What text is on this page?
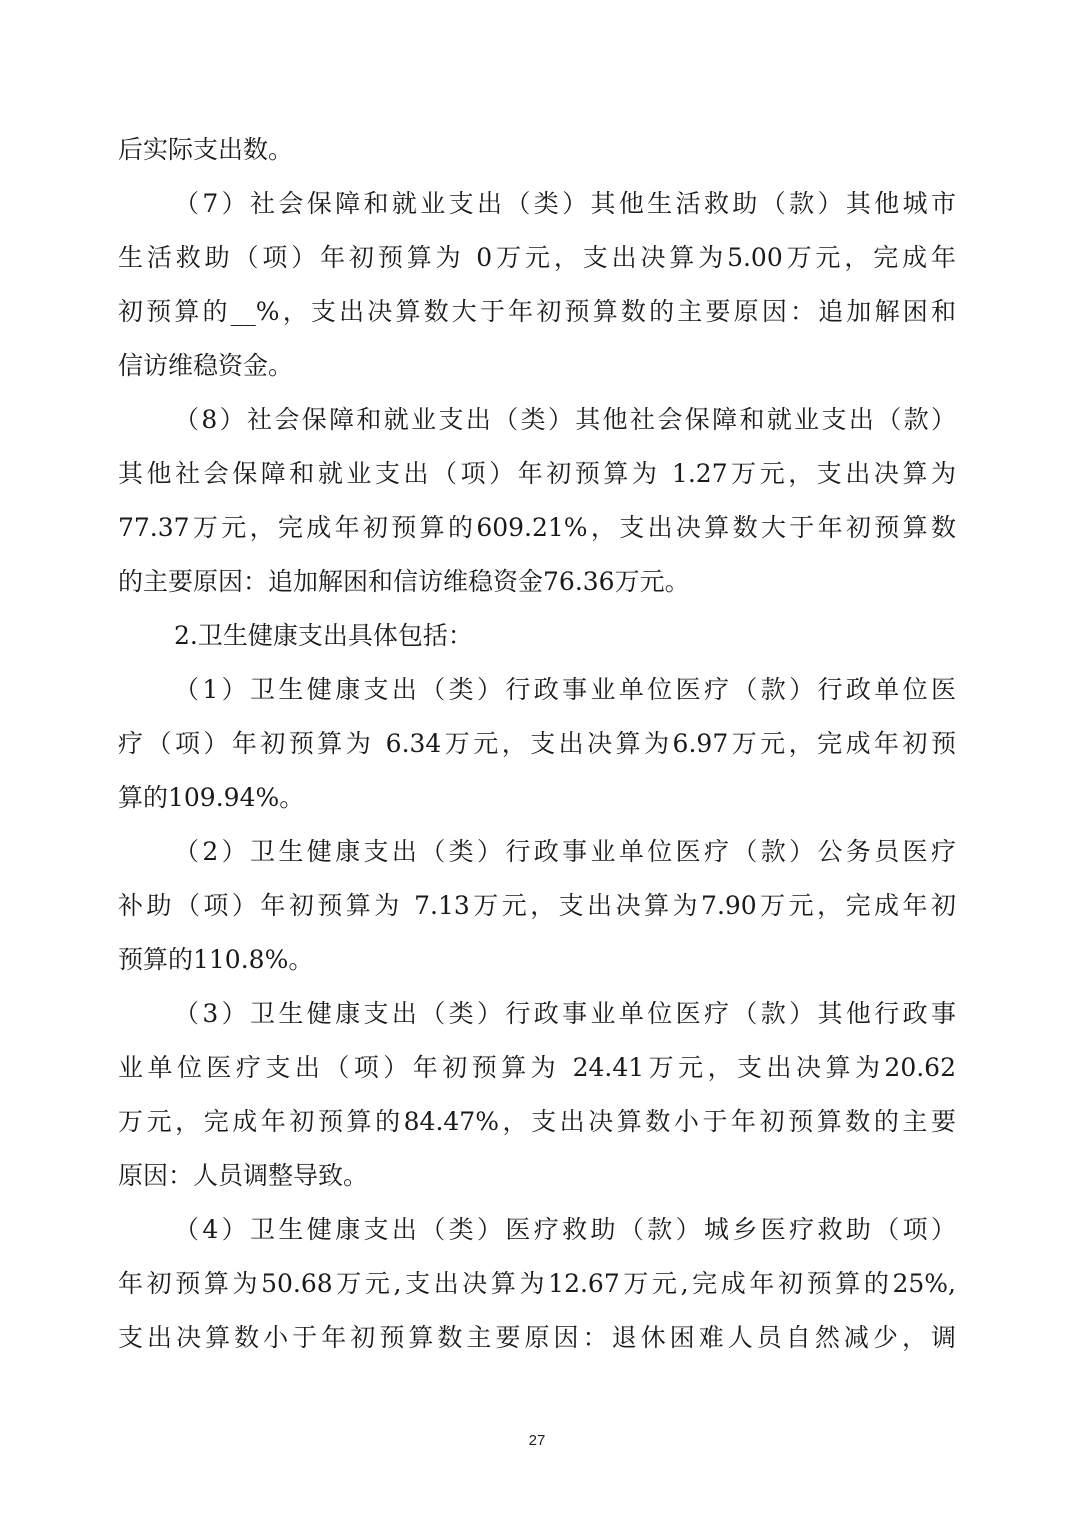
后实际支出数。
（7）社会保障和就业支出（类）其他生活救助（款）其他城市
生活救助（项）年初预算为 0万元，支出决算为5.00万元，完成年
初预算的__%，支出决算数大于年初预算数的主要原因：追加解困和
信访维稳资金。
（8）社会保障和就业支出（类）其他社会保障和就业支出（款）
其他社会保障和就业支出（项）年初预算为 1.27万元，支出决算为
77.37万元，完成年初预算的609.21%，支出决算数大于年初预算数
的主要原因：追加解困和信访维稳资金76.36万元。
2.卫生健康支出具体包括：
（1）卫生健康支出（类）行政事业单位医疗（款）行政单位医
疗（项）年初预算为 6.34万元，支出决算为6.97万元，完成年初预
算的109.94%。
（2）卫生健康支出（类）行政事业单位医疗（款）公务员医疗
补助（项）年初预算为 7.13万元，支出决算为7.90万元，完成年初
预算的110.8%。
（3）卫生健康支出（类）行政事业单位医疗（款）其他行政事
业单位医疗支出（项）年初预算为 24.41万元，支出决算为20.62
万元，完成年初预算的84.47%，支出决算数小于年初预算数的主要
原因：人员调整导致。
（4）卫生健康支出（类）医疗救助（款）城乡医疗救助（项）
年初预算为50.68万元,支出决算为12.67万元,完成年初预算的25%,
支出决算数小于年初预算数主要原因：退休困难人员自然减少，调
27
